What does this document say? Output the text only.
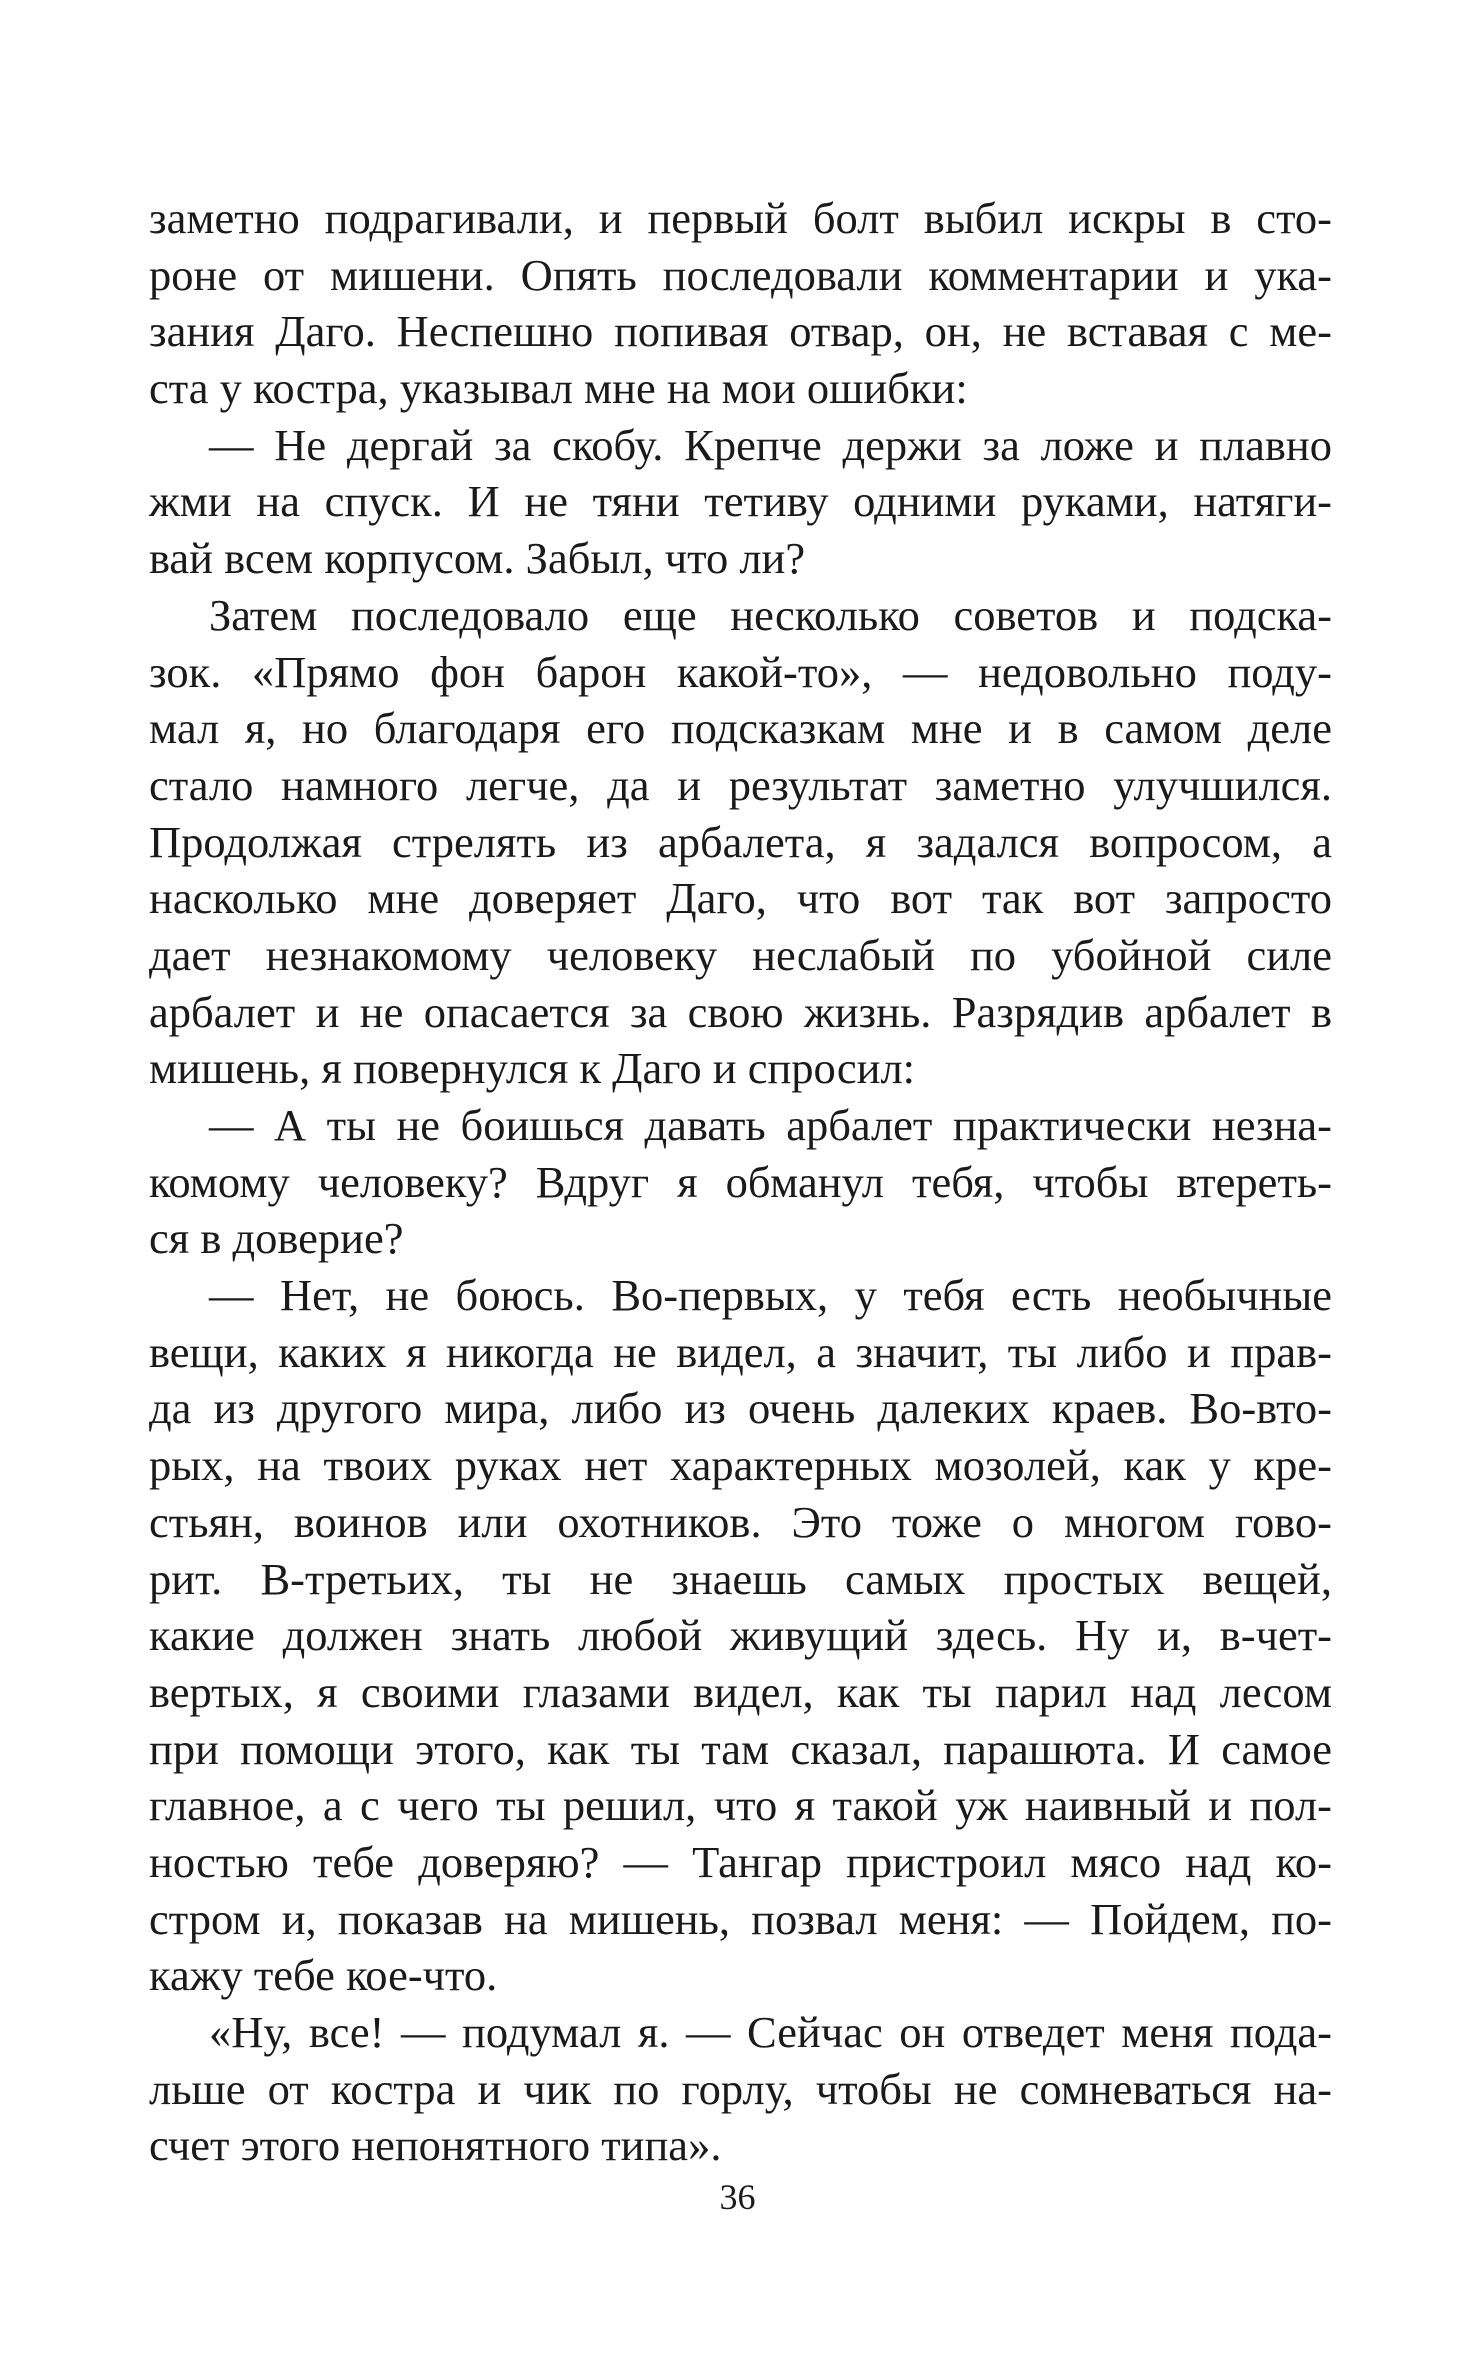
заметно подрагивали, и первый болт выбил искры в сто-
роне от мишени. Опять последовали комментарии и ука-
зания Даго. Неспешно попивая отвар, он, не вставая с ме-
ста у костра, указывал мне на мои ошибки:
— Не дергай за скобу. Крепче держи за ложе и плавно
жми на спуск. И не тяни тетиву одними руками, натяги-
вай всем корпусом. Забыл, что ли?
Затем последовало еще несколько советов и подска-
зок. «Прямо фон барон какой-то», — недовольно поду-
мал я, но благодаря его подсказкам мне и в самом деле
стало намного легче, да и результат заметно улучшился.
Продолжая стрелять из арбалета, я задался вопросом, а
насколько мне доверяет Даго, что вот так вот запросто
дает незнакомому человеку неслабый по убойной силе
арбалет и не опасается за свою жизнь. Разрядив арбалет в
мишень, я повернулся к Даго и спросил:
— А ты не боишься давать арбалет практически незна-
комому человеку? Вдруг я обманул тебя, чтобы втереть-
ся в доверие?
— Нет, не боюсь. Во-первых, у тебя есть необычные
вещи, каких я никогда не видел, а значит, ты либо и прав-
да из другого мира, либо из очень далеких краев. Во-вто-
рых, на твоих руках нет характерных мозолей, как у кре-
стьян, воинов или охотников. Это тоже о многом гово-
рит. В-третьих, ты не знаешь самых простых вещей,
какие должен знать любой живущий здесь. Ну и, в-чет-
вертых, я своими глазами видел, как ты парил над лесом
при помощи этого, как ты там сказал, парашюта. И самое
главное, а с чего ты решил, что я такой уж наивный и пол-
ностью тебе доверяю? — Тангар пристроил мясо над ко-
стром и, показав на мишень, позвал меня: — Пойдем, по-
кажу тебе кое-что.
«Ну, все! — подумал я. — Сейчас он отведет меня пода-
льше от костра и чик по горлу, чтобы не сомневаться на-
счет этого непонятного типа».
36
